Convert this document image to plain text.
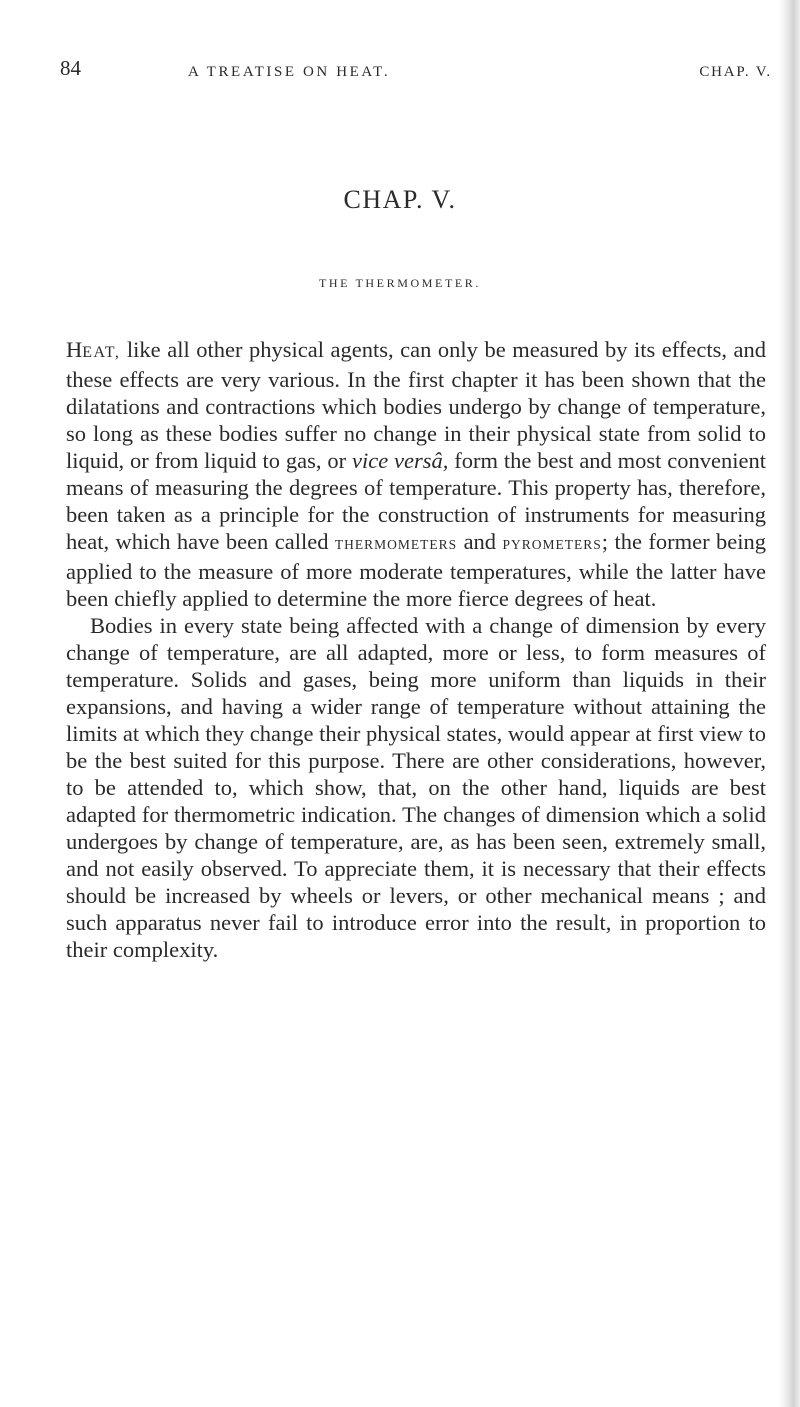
84	A TREATISE ON HEAT.	CHAP. V.
CHAP. V.
THE THERMOMETER.

HEAT, like all other physical agents, can only be measured by its effects, and these effects are very various. In the first chapter it has been shown that the dilatations and contractions which bodies undergo by change of temperature, so long as these bodies suffer no change in their physical state from solid to liquid, or from liquid to gas, or vice versâ, form the best and most convenient means of measuring the degrees of temperature. This property has, therefore, been taken as a principle for the construction of instruments for measuring heat, which have been called THERMOMETERS and PYROMETERS; the former being applied to the measure of more moderate temperatures, while the latter have been chiefly applied to determine the more fierce degrees of heat.

Bodies in every state being affected with a change of dimension by every change of temperature, are all adapted, more or less, to form measures of temperature. Solids and gases, being more uniform than liquids in their expansions, and having a wider range of temperature without attaining the limits at which they change their physical states, would appear at first view to be the best suited for this purpose. There are other considerations, however, to be attended to, which show, that, on the other hand, liquids are best adapted for thermometric indication. The changes of dimension which a solid undergoes by change of temperature, are, as has been seen, extremely small, and not easily observed. To appreciate them, it is necessary that their effects should be increased by wheels or levers, or other mechanical means ; and such apparatus never fail to introduce error into the result, in proportion to their complexity.
